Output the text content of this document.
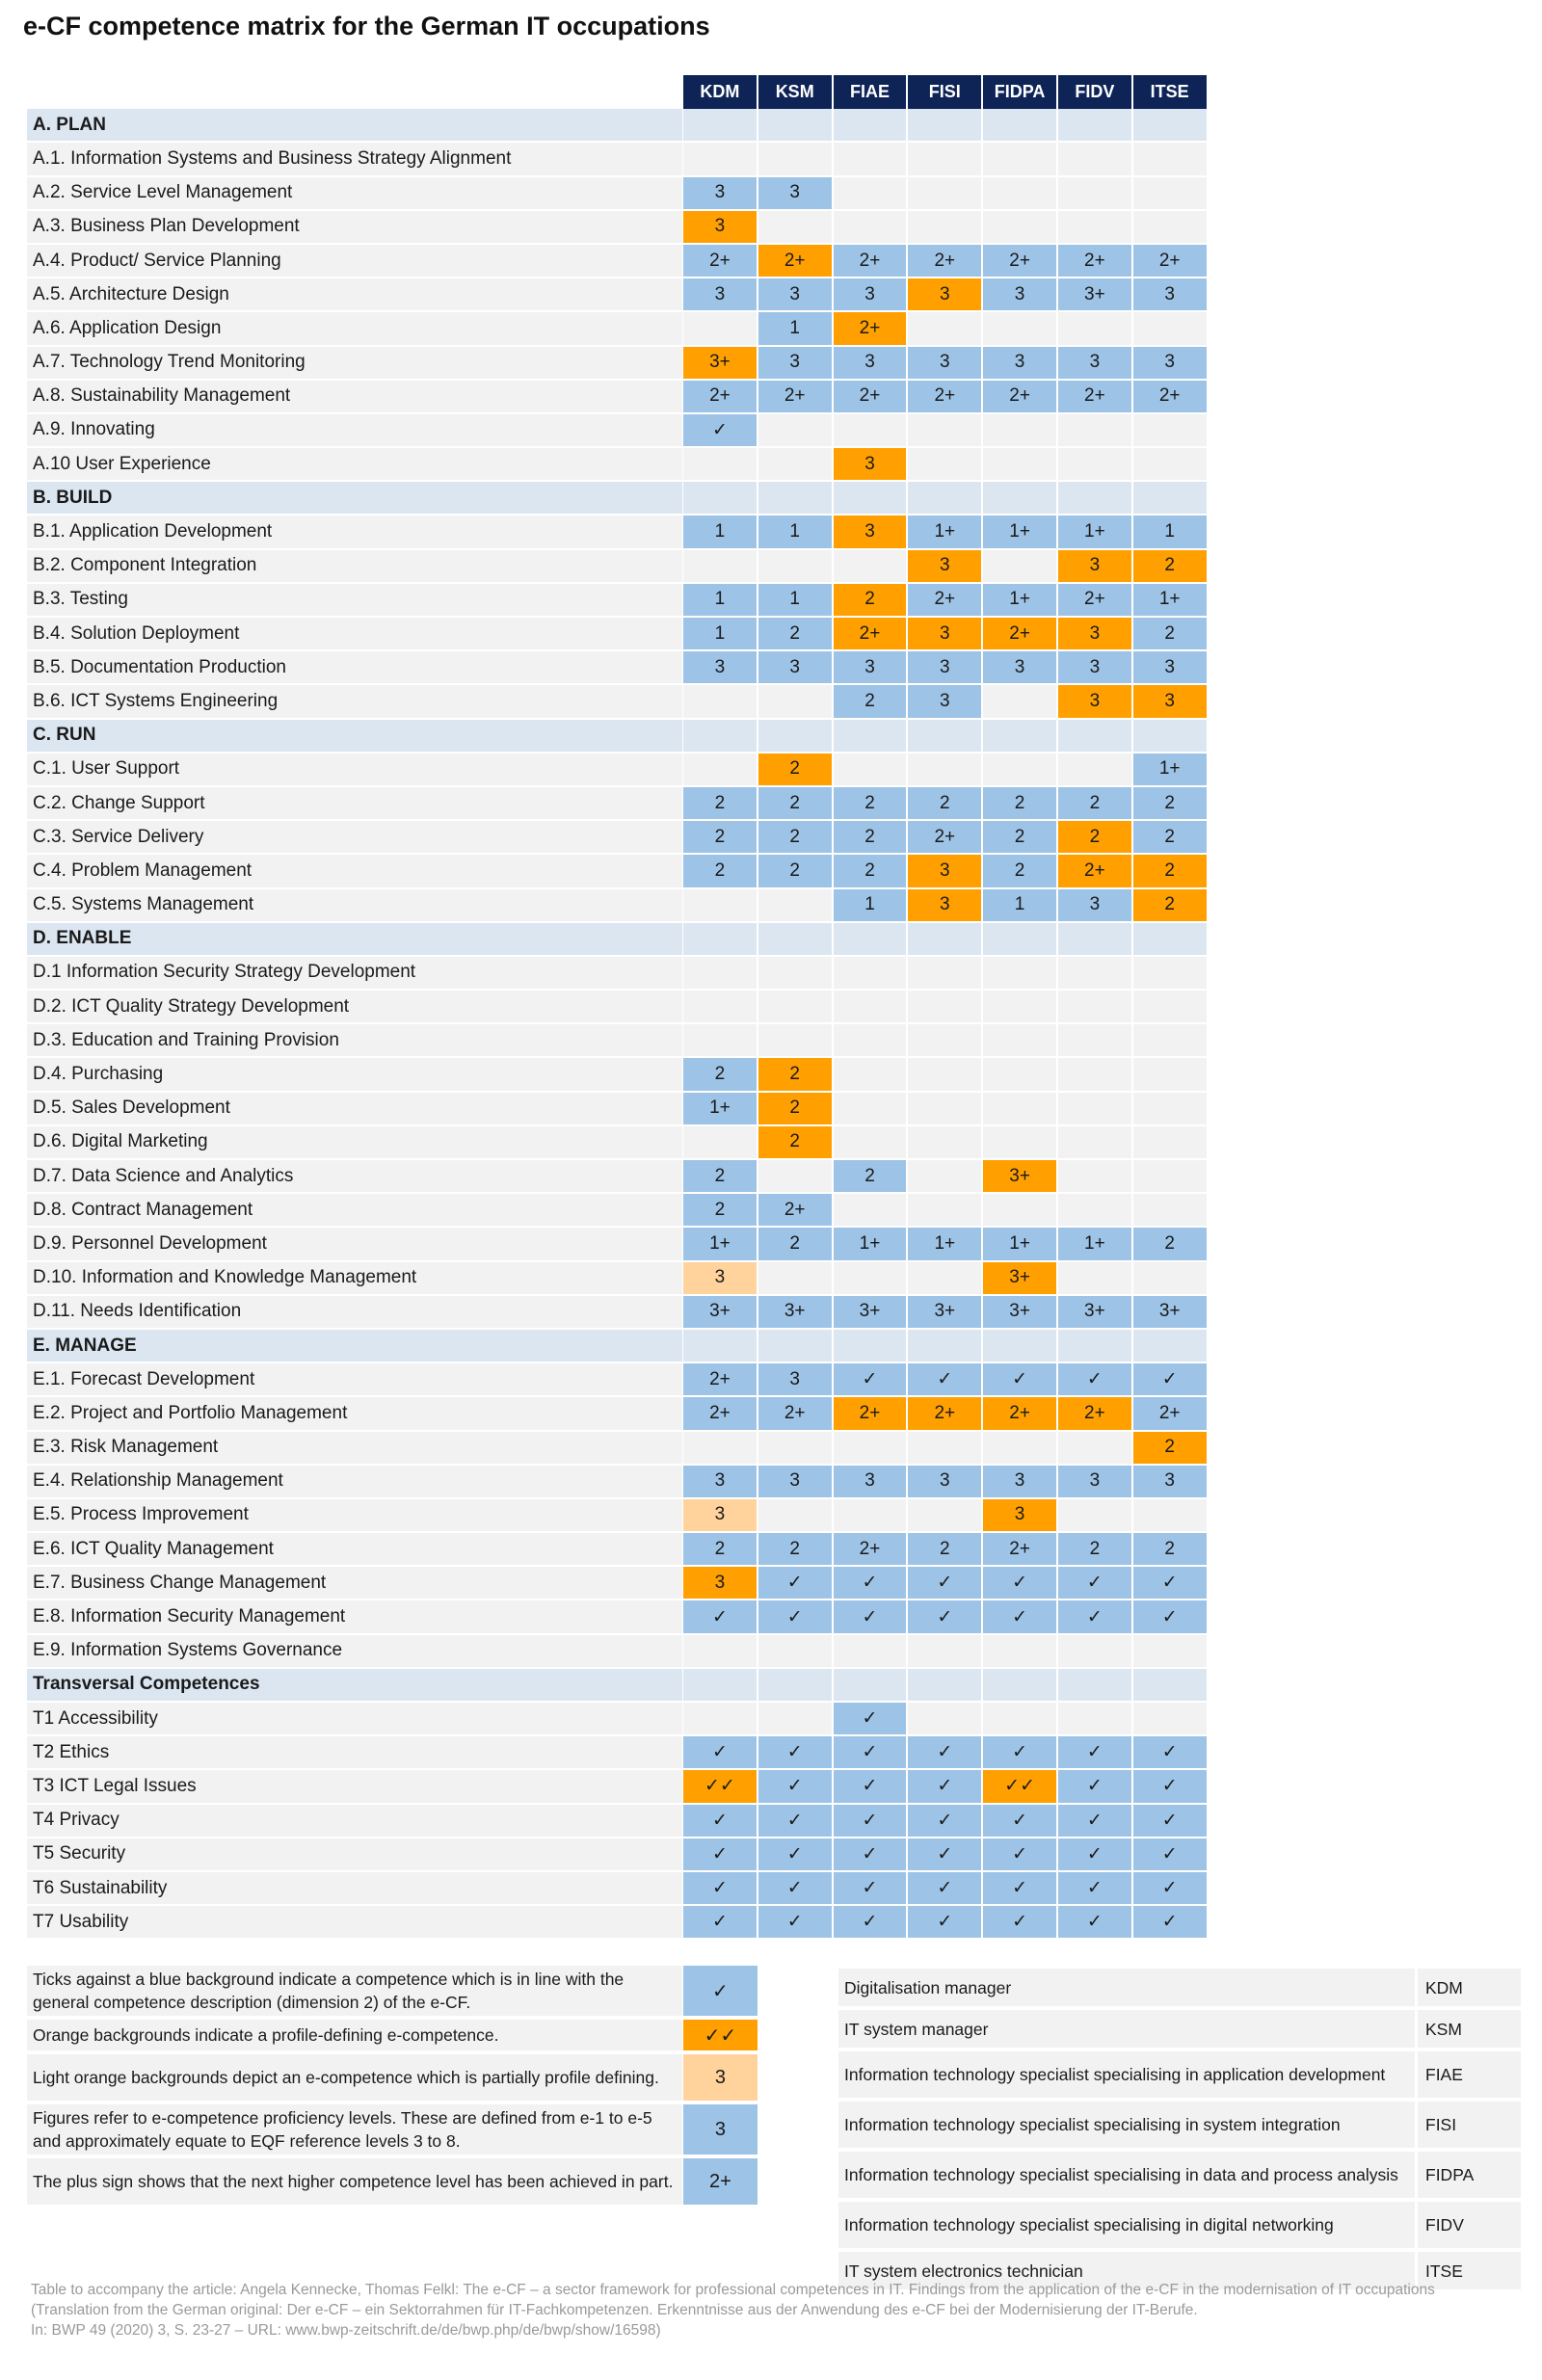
e-CF competence matrix for the German IT occupations
	KDM	KSM	FIAE	FISI	FIDPA	FIDV	ITSE
A. PLAN							
A.1. Information Systems and Business Strategy Alignment							
A.2. Service Level Management	3	3					
A.3. Business Plan Development	3						
A.4. Product/ Service Planning	2+	2+	2+	2+	2+	2+	2+
A.5. Architecture Design	3	3	3	3	3	3+	3
A.6. Application Design		1	2+				
A.7. Technology Trend Monitoring	3+	3	3	3	3	3	3
A.8. Sustainability Management	2+	2+	2+	2+	2+	2+	2+
A.9. Innovating	✓						
A.10 User Experience			3				
B. BUILD							
B.1. Application Development	1	1	3	1+	1+	1+	1
B.2. Component Integration				3		3	2
B.3. Testing	1	1	2	2+	1+	2+	1+
B.4. Solution Deployment	1	2	2+	3	2+	3	2
B.5. Documentation Production	3	3	3	3	3	3	3
B.6. ICT Systems Engineering			2	3		3	3
C. RUN							
C.1. User Support		2					1+
C.2. Change Support	2	2	2	2	2	2	2
C.3. Service Delivery	2	2	2	2+	2	2	2
C.4. Problem Management	2	2	2	3	2	2+	2
C.5. Systems Management			1	3	1	3	2
D. ENABLE							
D.1 Information Security Strategy Development							
D.2. ICT Quality Strategy Development							
D.3. Education and Training Provision							
D.4. Purchasing	2	2					
D.5. Sales Development	1+	2					
D.6. Digital Marketing		2					
D.7. Data Science and Analytics	2		2		3+		
D.8. Contract Management	2	2+					
D.9. Personnel Development	1+	2	1+	1+	1+	1+	2
D.10. Information and Knowledge Management	3				3+		
D.11. Needs Identification	3+	3+	3+	3+	3+	3+	3+
E. MANAGE							
E.1. Forecast Development	2+	3	✓	✓	✓	✓	✓
E.2. Project and Portfolio Management	2+	2+	2+	2+	2+	2+	2+
E.3. Risk Management							2
E.4. Relationship Management	3	3	3	3	3	3	3
E.5. Process Improvement	3				3		
E.6. ICT Quality Management	2	2	2+	2	2+	2	2
E.7. Business Change Management	3	✓	✓	✓	✓	✓	✓
E.8. Information Security Management	✓	✓	✓	✓	✓	✓	✓
E.9. Information Systems Governance							
Transversal Competences							
T1 Accessibility			✓				
T2 Ethics	✓	✓	✓	✓	✓	✓	✓
T3 ICT Legal Issues	✓✓	✓	✓	✓	✓✓	✓	✓
T4 Privacy	✓	✓	✓	✓	✓	✓	✓
T5 Security	✓	✓	✓	✓	✓	✓	✓
T6 Sustainability	✓	✓	✓	✓	✓	✓	✓
T7 Usability	✓	✓	✓	✓	✓	✓	✓
Ticks against a blue background indicate a competence which is in line with the general competence description (dimension 2) of the e-CF.	✓
Orange backgrounds indicate a profile-defining e-competence.	✓✓
Light orange backgrounds depict an e-competence which is partially profile defining.	3
Figures refer to e-competence proficiency levels. These are defined from e-1 to e-5 and approximately equate to EQF reference levels 3 to 8.	3
The plus sign shows that the next higher competence level has been achieved in part.	2+
Digitalisation manager	KDM
IT system manager	KSM
Information technology specialist specialising in application development	FIAE
Information technology specialist specialising in system integration	FISI
Information technology specialist specialising in data and process analysis	FIDPA
Information technology specialist specialising in digital networking	FIDV
IT system electronics technician	ITSE
Table to accompany the article: Angela Kennecke, Thomas Felkl: The e-CF – a sector framework for professional competences in IT. Findings from the application of the e-CF in the modernisation of IT occupations (Translation from the German original: Der e-CF – ein Sektorrahmen für IT-Fachkompetenzen. Erkenntnisse aus der Anwendung des e-CF bei der Modernisierung der IT-Berufe.
In: BWP 49 (2020) 3, S. 23-27 – URL: www.bwp-zeitschrift.de/de/bwp.php/de/bwp/show/16598)
